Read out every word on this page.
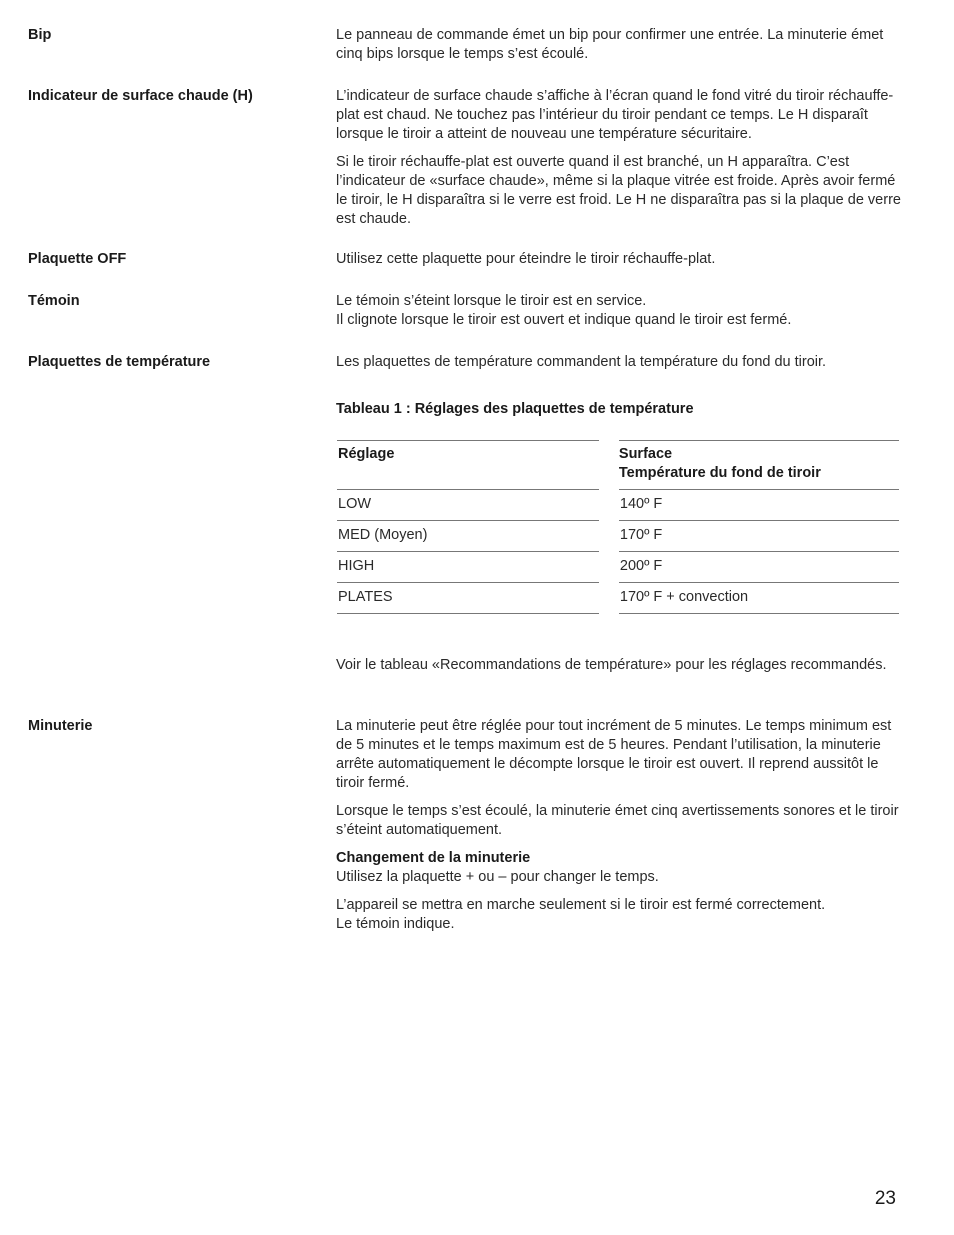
Bip	Le panneau de commande émet un bip pour confirmer une entrée. La minuterie émet cinq bips lorsque le temps s’est écoulé.

Indicateur de surface chaude (H)	L’indicateur de surface chaude s’affiche à l’écran quand le fond vitré du tiroir réchauffe-plat est chaud. Ne touchez pas l’intérieur du tiroir pendant ce temps. Le H disparaît lorsque le tiroir a atteint de nouveau une température sécuritaire.

Si le tiroir réchauffe-plat est ouverte quand il est branché, un H apparaîtra. C’est l’indicateur de «surface chaude», même si la plaque vitrée est froide. Après avoir fermé le tiroir, le H disparaîtra si le verre est froid. Le H ne disparaîtra pas si la plaque de verre est chaude.

Plaquette OFF	Utilisez cette plaquette pour éteindre le tiroir réchauffe-plat.

Témoin	Le témoin s’éteint lorsque le tiroir est en service.
Il clignote lorsque le tiroir est ouvert et indique quand le tiroir est fermé.
Plaquettes de température	Les plaquettes de température commandent la température du fond du tiroir.

Tableau 1 : Réglages des plaquettes de température
Réglage		Surface
Température du fond de tiroir

LOW		140º F
MED (Moyen)		170º F
HIGH		200º F
PLATES		170º F + convection

Voir le tableau «Recommandations de température» pour les réglages recommandés.

Minuterie	La minuterie peut être réglée pour tout incrément de 5 minutes. Le temps minimum est de 5 minutes et le temps maximum est de 5 heures. Pendant l’utilisation, la minuterie arrête automatiquement le décompte lorsque le tiroir est ouvert. Il reprend aussitôt le tiroir fermé.

Lorsque le temps s’est écoulé, la minuterie émet cinq avertissements sonores et le tiroir s’éteint automatiquement.

Changement de la minuterie
Utilisez la plaquette + ou – pour changer le temps.

L’appareil se mettra en marche seulement si le tiroir est fermé correctement.
Le témoin indique.

23
